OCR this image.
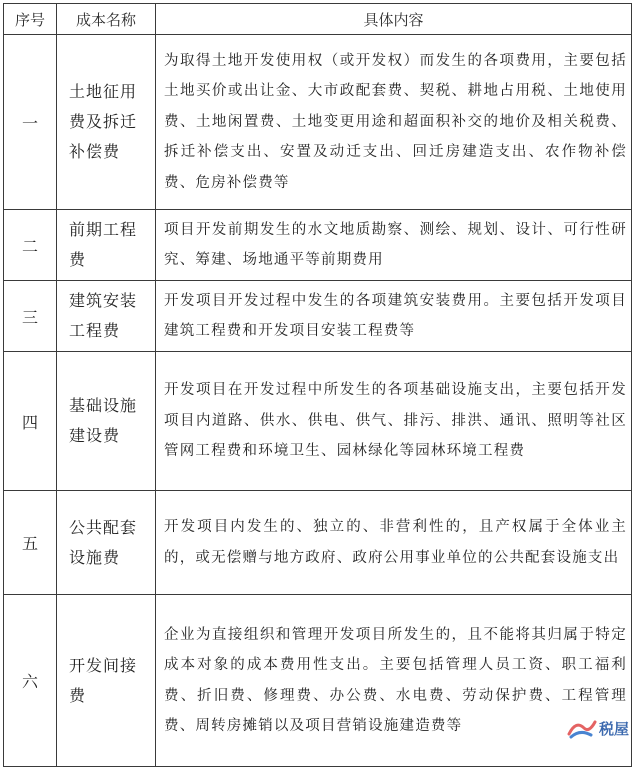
序号	成本名称	具体内容
一	土地征用费及拆迁补偿费	为取得土地开发使用权（或开发权）而发生的各项费用，主要包括土地买价或出让金、大市政配套费、契税、耕地占用税、土地使用费、土地闲置费、土地变更用途和超面积补交的地价及相关税费、拆迁补偿支出、安置及动迁支出、回迁房建造支出、农作物补偿费、危房补偿费等
二	前期工程费	项目开发前期发生的水文地质勘察、测绘、规划、设计、可行性研究、筹建、场地通平等前期费用
三	建筑安装工程费	开发项目开发过程中发生的各项建筑安装费用。主要包括开发项目建筑工程费和开发项目安装工程费等
四	基础设施建设费	开发项目在开发过程中所发生的各项基础设施支出，主要包括开发项目内道路、供水、供电、供气、排污、排洪、通讯、照明等社区管网工程费和环境卫生、园林绿化等园林环境工程费
五	公共配套设施费	开发项目内发生的、独立的、非营利性的，且产权属于全体业主的，或无偿赠与地方政府、政府公用事业单位的公共配套设施支出
六	开发间接费	企业为直接组织和管理开发项目所发生的，且不能将其归属于特定成本对象的成本费用性支出。主要包括管理人员工资、职工福利费、折旧费、修理费、办公费、水电费、劳动保护费、工程管理费、周转房摊销以及项目营销设施建造费等	税屋
